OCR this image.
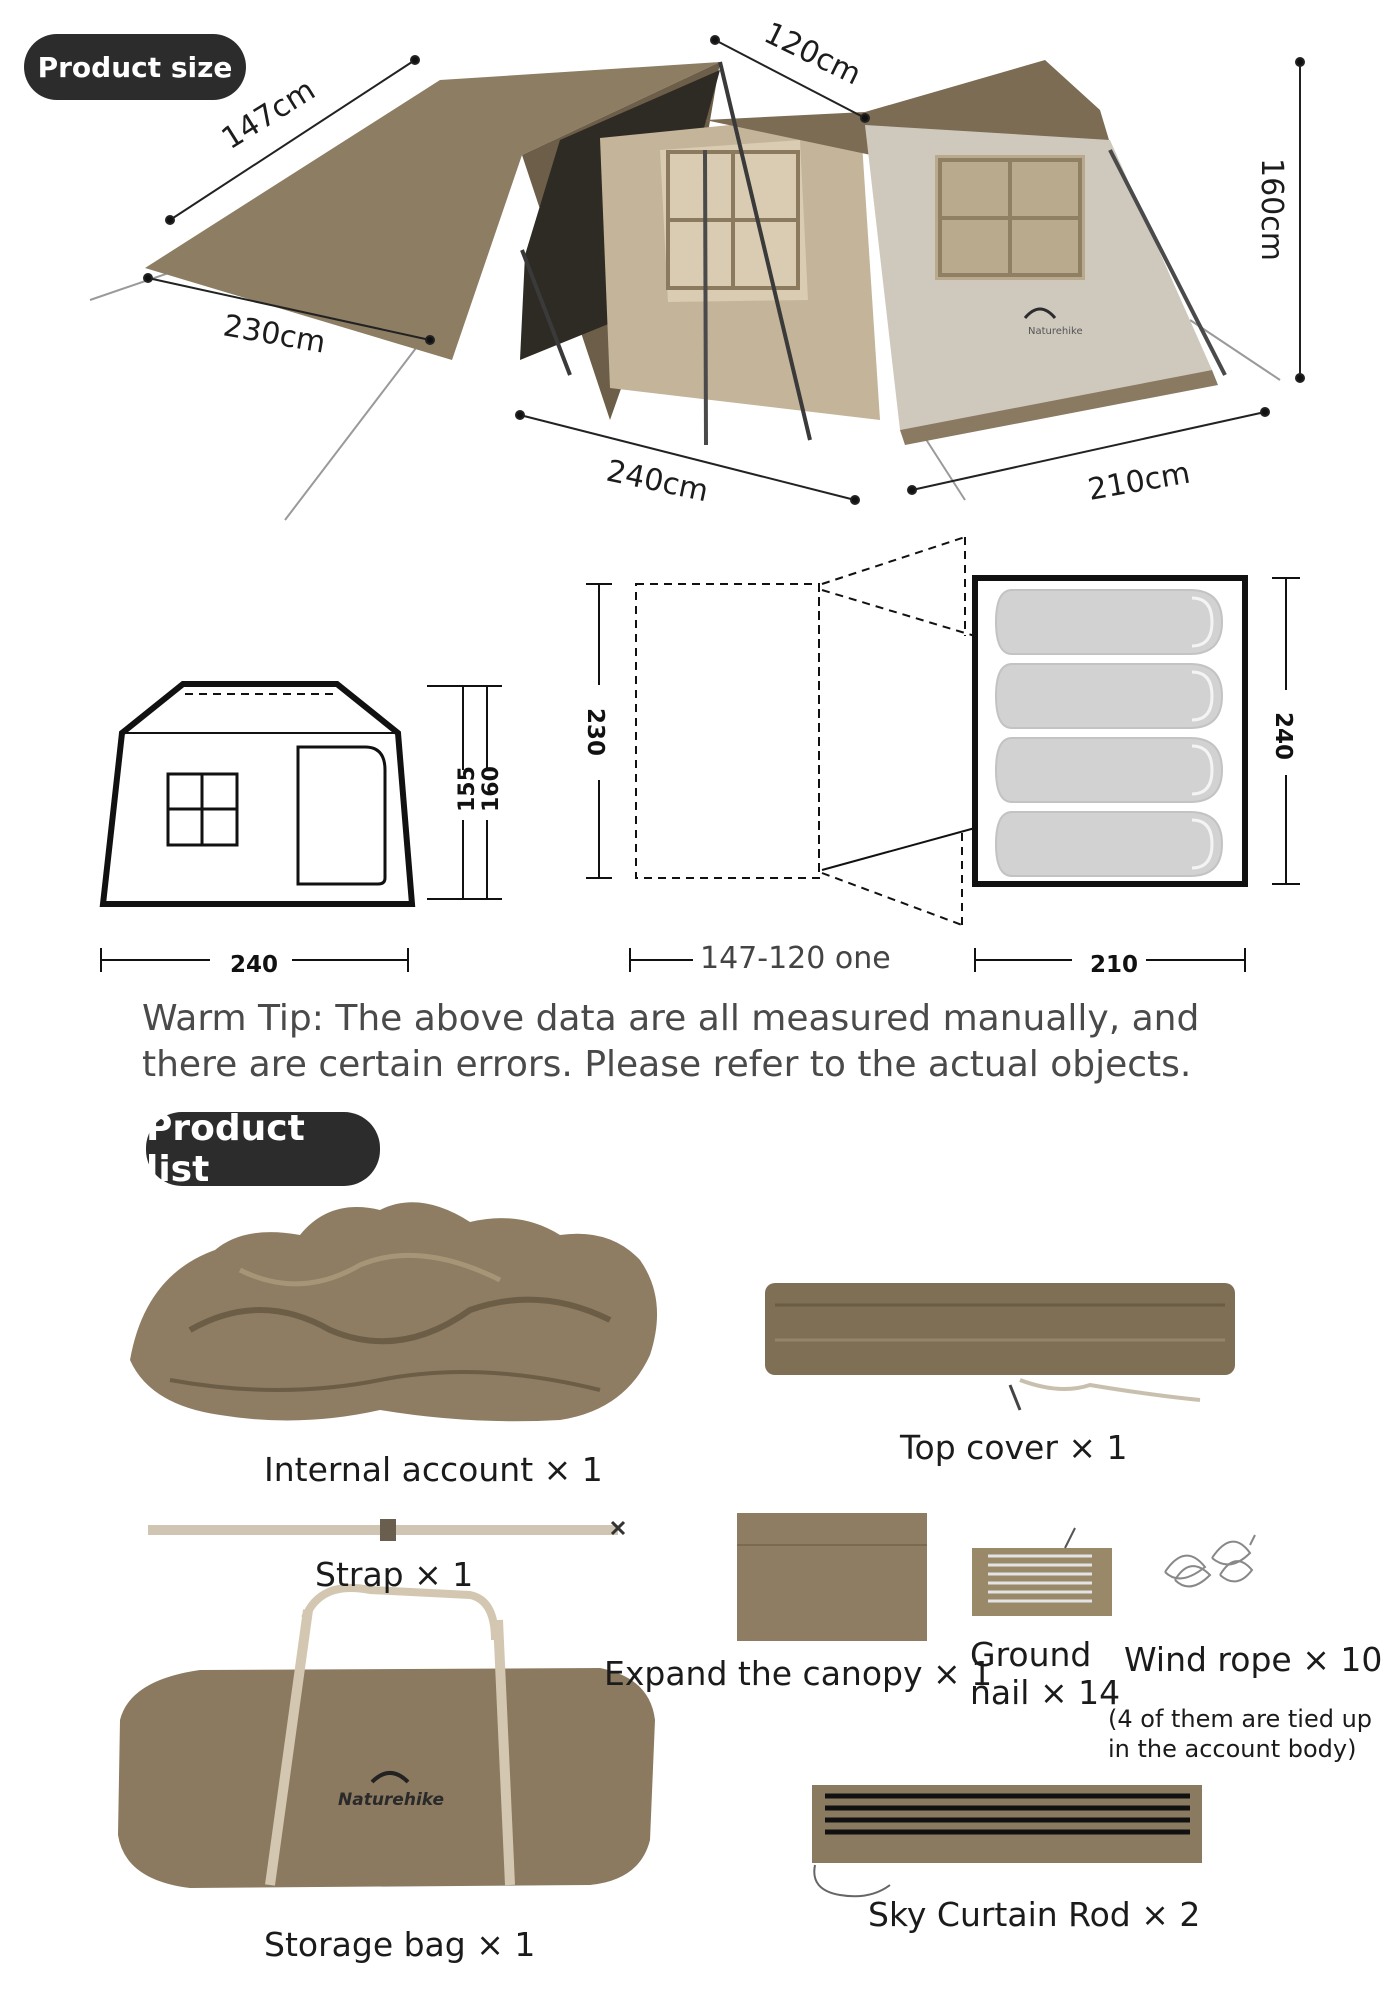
Product size
Product list
Naturehike
147cm
120cm
160cm
230cm
240cm	210cm
155 160
240
230	240
210
147-120 one
Warm Tip: The above data are all measured manually, and
there are certain errors. Please refer to the actual objects.
Internal account × 1
Top cover × 1
Strap × 1
Expand the canopy × 1
Ground
nail × 14
Wind rope × 10
(4 of them are tied up
in the account body)
Storage bag × 1
Sky Curtain Rod × 2
Naturehike
